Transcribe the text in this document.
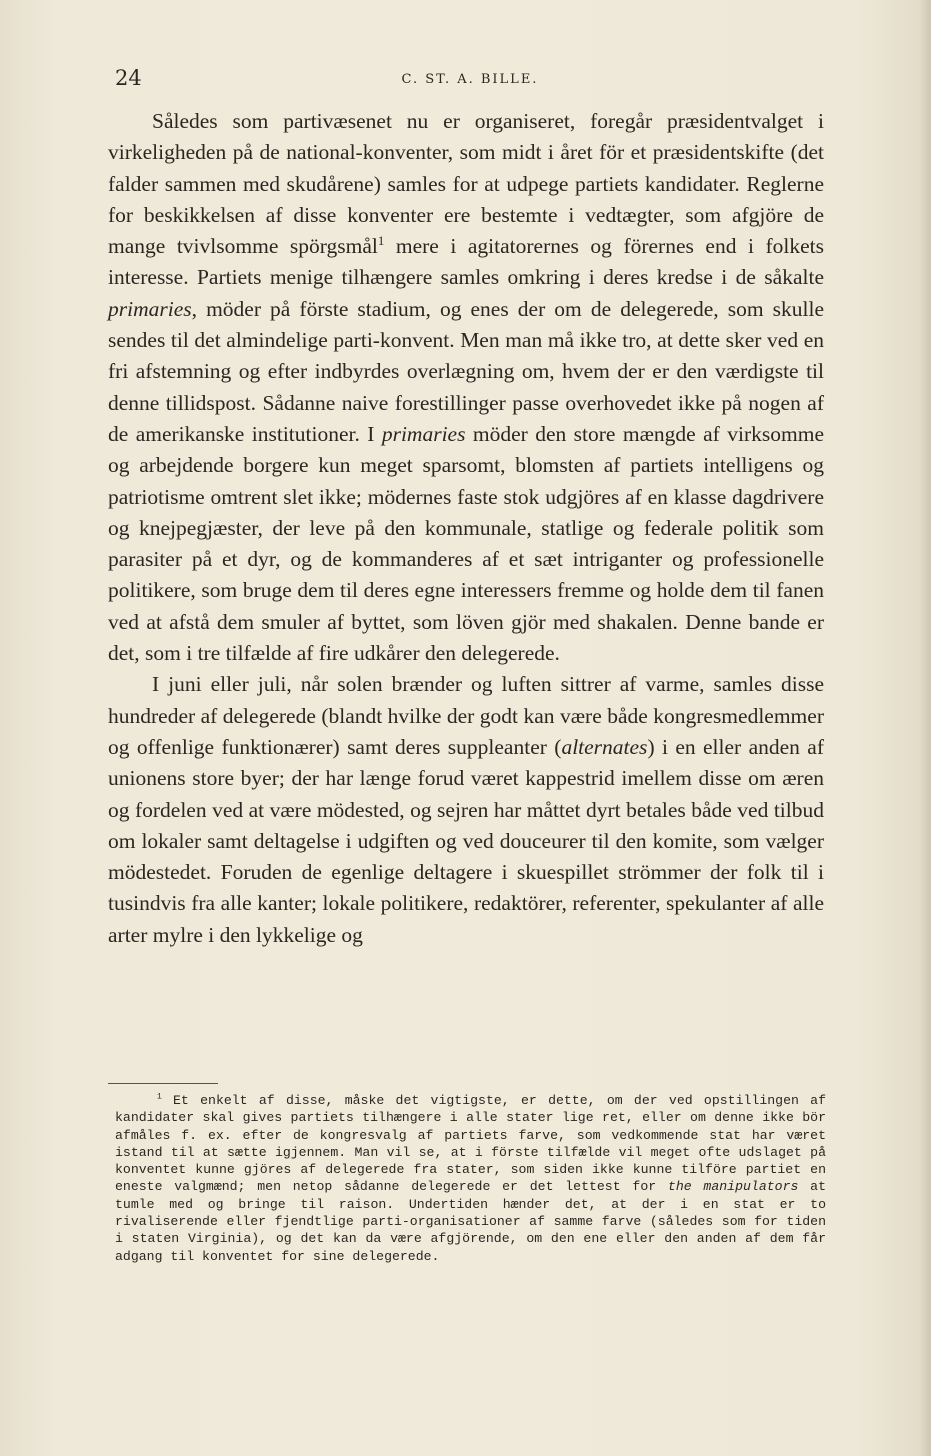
24	C. ST. A. BILLE.

Således som partivæsenet nu er organiseret, foregår præsidentvalget i virkeligheden på de national-konventer, som midt i året för et præsidentskifte (det falder sammen med skudårene) samles for at udpege partiets kandidater. Reglerne for beskikkelsen af disse konventer ere bestemte i vedtægter, som afgjöre de mange tvivlsomme spörgsmål$^1$ mere i agitatorernes og förernes end i folkets interesse. Partiets menige tilhængere samles omkring i deres kredse i de såkalte primaries, möder på förste stadium, og enes der om de delegerede, som skulle sendes til det almindelige parti-konvent. Men man må ikke tro, at dette sker ved en fri afstemning og efter indbyrdes overlægning om, hvem der er den værdigste til denne tillidspost. Sådanne naive forestillinger passe overhovedet ikke på nogen af de amerikanske institutioner. I primaries möder den store mængde af virksomme og arbejdende borgere kun meget sparsomt, blomsten af partiets intelligens og patriotisme omtrent slet ikke; mödernes faste stok udgjöres af en klasse dagdrivere og knejpegjæster, der leve på den kommunale, statlige og federale politik som parasiter på et dyr, og de kommanderes af et sæt intriganter og professionelle politikere, som bruge dem til deres egne interessers fremme og holde dem til fanen ved at afstå dem smuler af byttet, som löven gjör med shakalen. Denne bande er det, som i tre tilfælde af fire udkårer den delegerede.

I juni eller juli, når solen brænder og luften sittrer af varme, samles disse hundreder af delegerede (blandt hvilke der godt kan være både kongresmedlemmer og offenlige funktionærer) samt deres suppleanter (alternates) i en eller anden af unionens store byer; der har længe forud været kappestrid imellem disse om æren og fordelen ved at være mödested, og sejren har måttet dyrt betales både ved tilbud om lokaler samt deltagelse i udgiften og ved douceurer til den komite, som vælger mödestedet. Foruden de egenlige deltagere i skuespillet strömmer der folk til i tusindvis fra alle kanter; lokale politikere, redaktörer, referenter, spekulanter af alle arter mylre i den lykkelige og

$^1$ Et enkelt af disse, måske det vigtigste, er dette, om der ved opstillingen af kandidater skal gives partiets tilhængere i alle stater lige ret, eller om denne ikke bör afmåles f. ex. efter de kongresvalg af partiets farve, som vedkommende stat har været istand til at sætte igjennem. Man vil se, at i förste tilfælde vil meget ofte udslaget på konventet kunne gjöres af delegerede fra stater, som siden ikke kunne tilföre partiet en eneste valgmænd; men netop sådanne delegerede er det lettest for the manipulators at tumle med og bringe til raison. Undertiden hænder det, at der i en stat er to rivaliserende eller fjendtlige parti-organisationer af samme farve (således som for tiden i staten Virginia), og det kan da være afgjörende, om den ene eller den anden af dem får adgang til konventet for sine delegerede.
